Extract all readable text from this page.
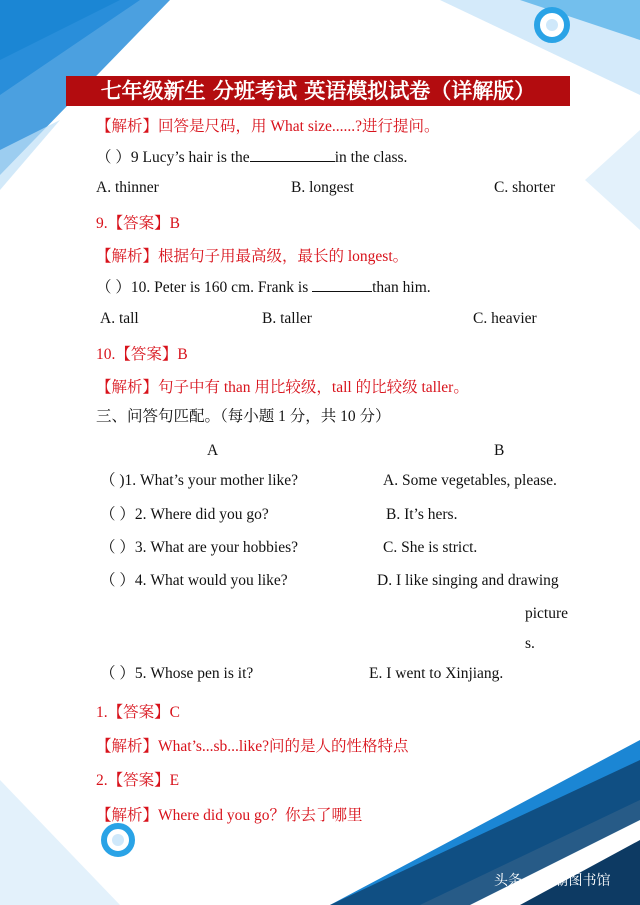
七年级新生 分班考试 英语模拟试卷（详解版）
【解析】回答是尺码，用 What size......?进行提问。
（ ）9 Lucy’s hair is the	in the class.
A. thinner	B. longest	C. shorter
9.【答案】B
【解析】根据句子用最高级，最长的 longest。
（ ）10. Peter is 160 cm. Frank is	than him.
A. tall	B. taller	C. heavier
10.【答案】B
【解析】句子中有 than 用比较级，tall 的比较级 taller。
三、问答句匹配。（每小题 1 分，共 10 分）
A	B
（ )1. What’s your mother like?	A. Some vegetables, please.
（ ）2. Where did you go?	B. It’s hers.
（ ）3. What are your hobbies?	C. She is strict.
（ ）4. What would you like?	D. I like singing and drawing
picture
s.
（ ）5. Whose pen is it?	E. I went to Xinjiang.
1.【答案】C
【解析】What’s...sb...like?问的是人的性格特点
2.【答案】E
【解析】Where did you go？你去了哪里
头条 @学霸图书馆
